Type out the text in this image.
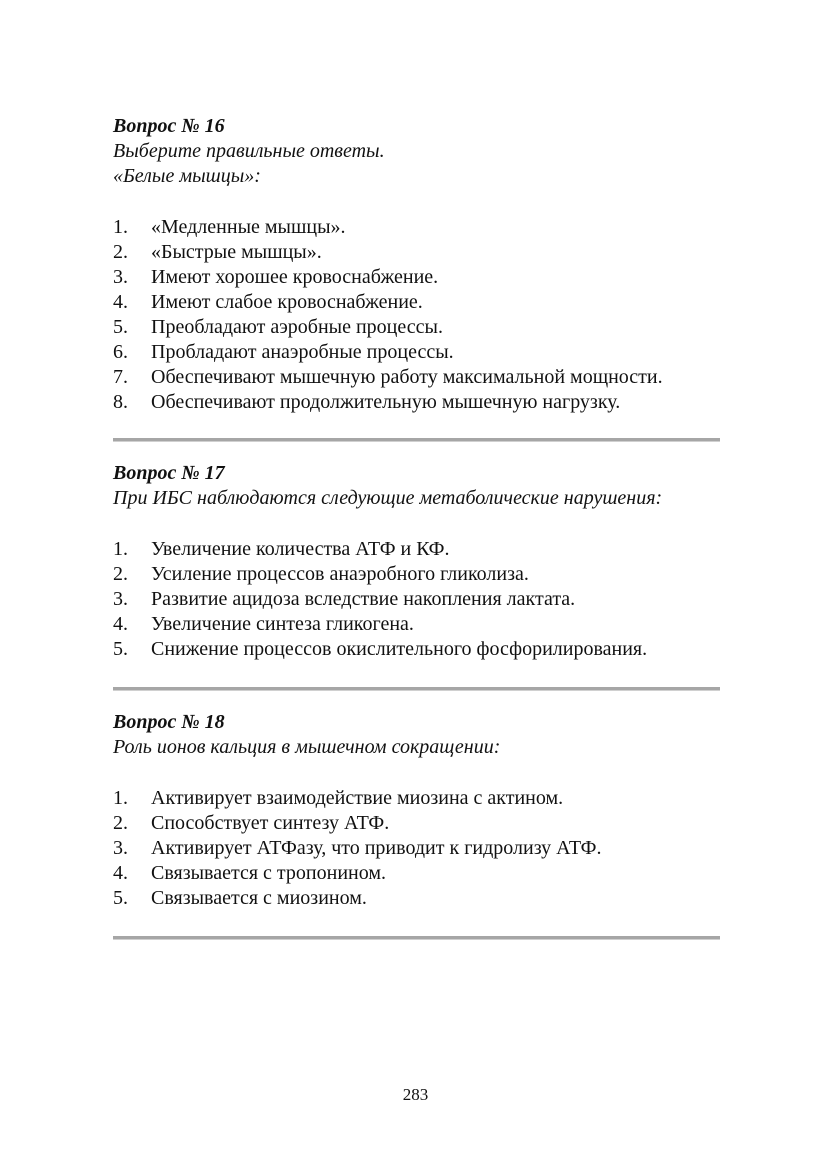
Вопрос № 16

Выберите правильные ответы.

«Белые мышцы»:

1.	«Медленные мышцы».
2.	«Быстрые мышцы».
3.	Имеют хорошее кровоснабжение.
4.	Имеют слабое кровоснабжение.
5.	Преобладают аэробные процессы.
6.	Пробладают анаэробные процессы.
7.	Обеспечивают мышечную работу максимальной мощности.
8.	Обеспечивают продолжительную мышечную нагрузку.

Вопрос № 17

При ИБС наблюдаются следующие метаболические нарушения:

1.	Увеличение количества АТФ и КФ.
2.	Усиление процессов анаэробного гликолиза.
3.	Развитие ацидоза вследствие накопления лактата.
4.	Увеличение синтеза гликогена.
5.	Снижение процессов окислительного фосфорилирования.

Вопрос № 18

Роль ионов кальция в мышечном сокращении:

1.	Активирует взаимодействие миозина с актином.
2.	Способствует синтезу АТФ.
3.	Активирует АТФазу, что приводит к гидролизу АТФ.
4.	Связывается с тропонином.
5.	Связывается с миозином.
283
